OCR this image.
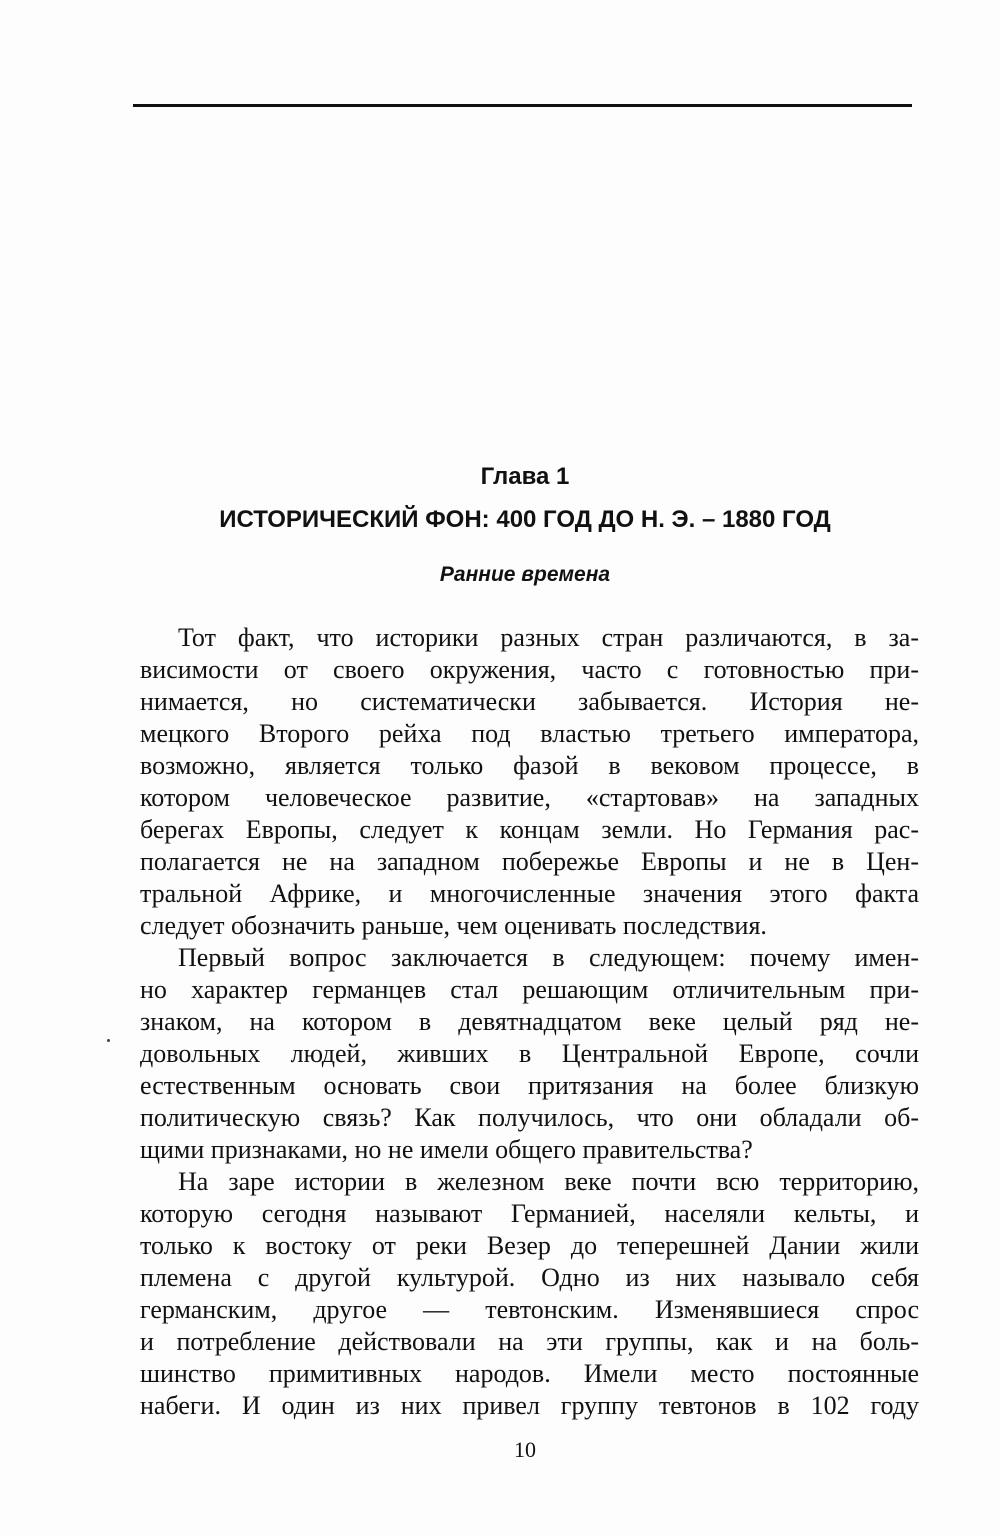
Глава 1
ИСТОРИЧЕСКИЙ ФОН: 400 ГОД ДО Н. Э. – 1880 ГОД
Ранние времена
Тот факт, что историки разных стран различаются, в за-
висимости от своего окружения, часто с готовностью при-
нимается, но систематически забывается. История не-
мецкого Второго рейха под властью третьего императора,
возможно, является только фазой в вековом процессе, в
котором человеческое развитие, «стартовав» на западных
берегах Европы, следует к концам земли. Но Германия рас-
полагается не на западном побережье Европы и не в Цен-
тральной Африке, и многочисленные значения этого факта
следует обозначить раньше, чем оценивать последствия.
Первый вопрос заключается в следующем: почему имен-
но характер германцев стал решающим отличительным при-
знаком, на котором в девятнадцатом веке целый ряд не-
довольных людей, живших в Центральной Европе, сочли
естественным основать свои притязания на более близкую
политическую связь? Как получилось, что они обладали об-
щими признаками, но не имели общего правительства?
На заре истории в железном веке почти всю территорию,
которую сегодня называют Германией, населяли кельты, и
только к востоку от реки Везер до теперешней Дании жили
племена с другой культурой. Одно из них называло себя
германским, другое — тевтонским. Изменявшиеся спрос
и потребление действовали на эти группы, как и на боль-
шинство примитивных народов. Имели место постоянные
набеги. И один из них привел группу тевтонов в 102 году
10
